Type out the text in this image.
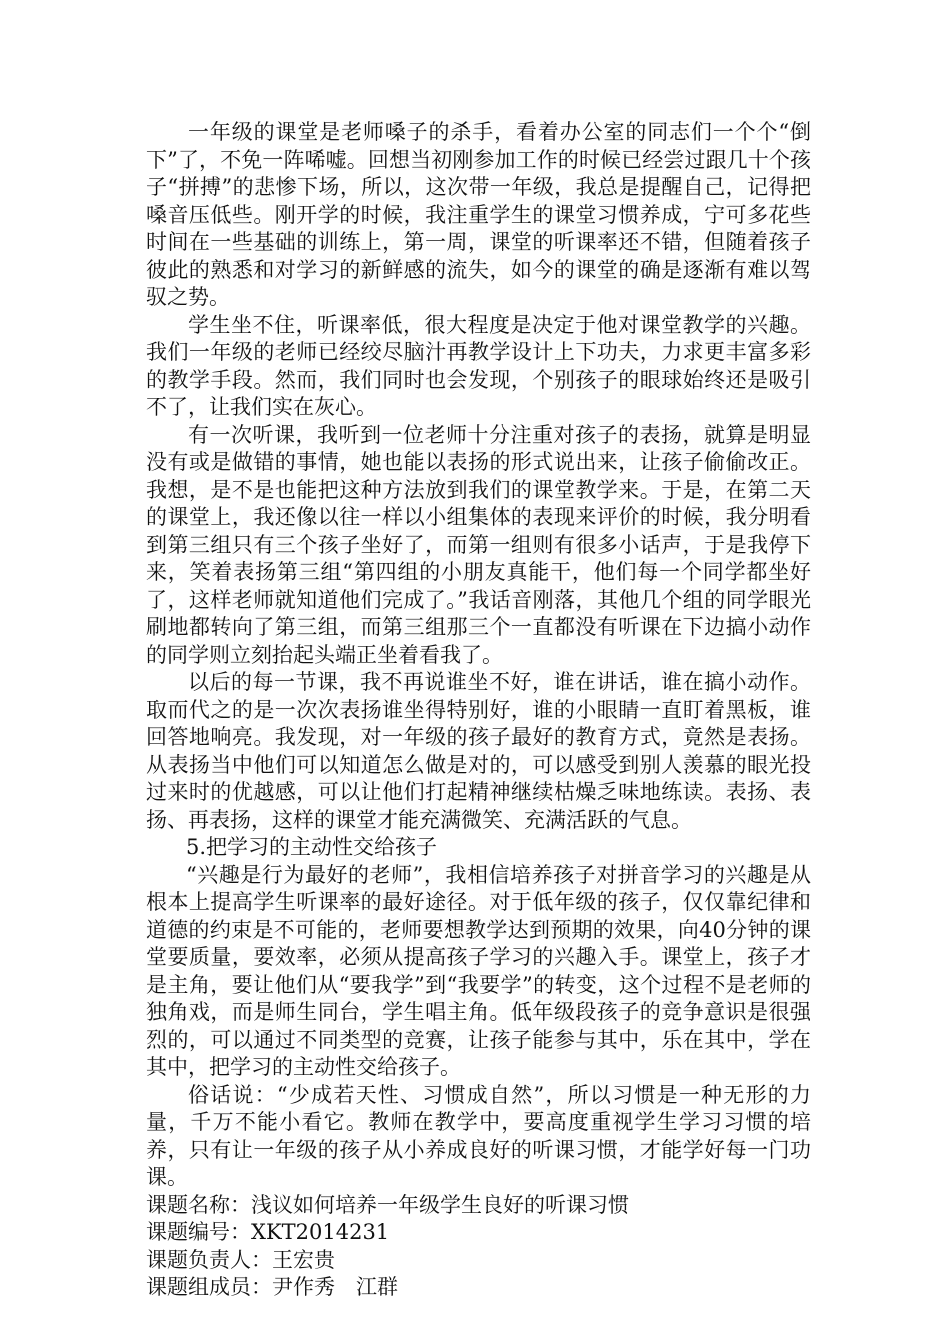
一年级的课堂是老师嗓子的杀手，看着办公室的同志们一个个“倒下”了，不免一阵唏嘘。回想当初刚参加工作的时候已经尝过跟几十个孩子“拼搏”的悲惨下场，所以，这次带一年级，我总是提醒自己，记得把嗓音压低些。刚开学的时候，我注重学生的课堂习惯养成，宁可多花些时间在一些基础的训练上，第一周，课堂的听课率还不错，但随着孩子彼此的熟悉和对学习的新鲜感的流失，如今的课堂的确是逐渐有难以驾驭之势。

学生坐不住，听课率低，很大程度是决定于他对课堂教学的兴趣。我们一年级的老师已经绞尽脑汁再教学设计上下功夫，力求更丰富多彩的教学手段。然而，我们同时也会发现，个别孩子的眼球始终还是吸引不了，让我们实在灰心。

有一次听课，我听到一位老师十分注重对孩子的表扬，就算是明显没有或是做错的事情，她也能以表扬的形式说出来，让孩子偷偷改正。我想，是不是也能把这种方法放到我们的课堂教学来。于是，在第二天的课堂上，我还像以往一样以小组集体的表现来评价的时候，我分明看到第三组只有三个孩子坐好了，而第一组则有很多小话声，于是我停下来，笑着表扬第三组“第四组的小朋友真能干，他们每一个同学都坐好了，这样老师就知道他们完成了。”我话音刚落，其他几个组的同学眼光刷地都转向了第三组，而第三组那三个一直都没有听课在下边搞小动作的同学则立刻抬起头端正坐着看我了。

以后的每一节课，我不再说谁坐不好，谁在讲话，谁在搞小动作。取而代之的是一次次表扬谁坐得特别好，谁的小眼睛一直盯着黑板，谁回答地响亮。我发现，对一年级的孩子最好的教育方式，竟然是表扬。从表扬当中他们可以知道怎么做是对的，可以感受到别人羡慕的眼光投过来时的优越感，可以让他们打起精神继续枯燥乏味地练读。表扬、表扬、再表扬，这样的课堂才能充满微笑、充满活跃的气息。

5.把学习的主动性交给孩子

“兴趣是行为最好的老师”，我相信培养孩子对拼音学习的兴趣是从根本上提高学生听课率的最好途径。对于低年级的孩子，仅仅靠纪律和道德的约束是不可能的，老师要想教学达到预期的效果，向40分钟的课堂要质量，要效率，必须从提高孩子学习的兴趣入手。课堂上，孩子才是主角，要让他们从“要我学”到“我要学”的转变，这个过程不是老师的独角戏，而是师生同台，学生唱主角。低年级段孩子的竞争意识是很强烈的，可以通过不同类型的竞赛，让孩子能参与其中，乐在其中，学在其中，把学习的主动性交给孩子。

俗话说：“少成若天性、习惯成自然”，所以习惯是一种无形的力量，千万不能小看它。教师在教学中，要高度重视学生学习习惯的培养，只有让一年级的孩子从小养成良好的听课习惯，才能学好每一门功课。

课题名称：浅议如何培养一年级学生良好的听课习惯

课题编号：XKT2014231

课题负责人：王宏贵

课题组成员：尹作秀　江群
